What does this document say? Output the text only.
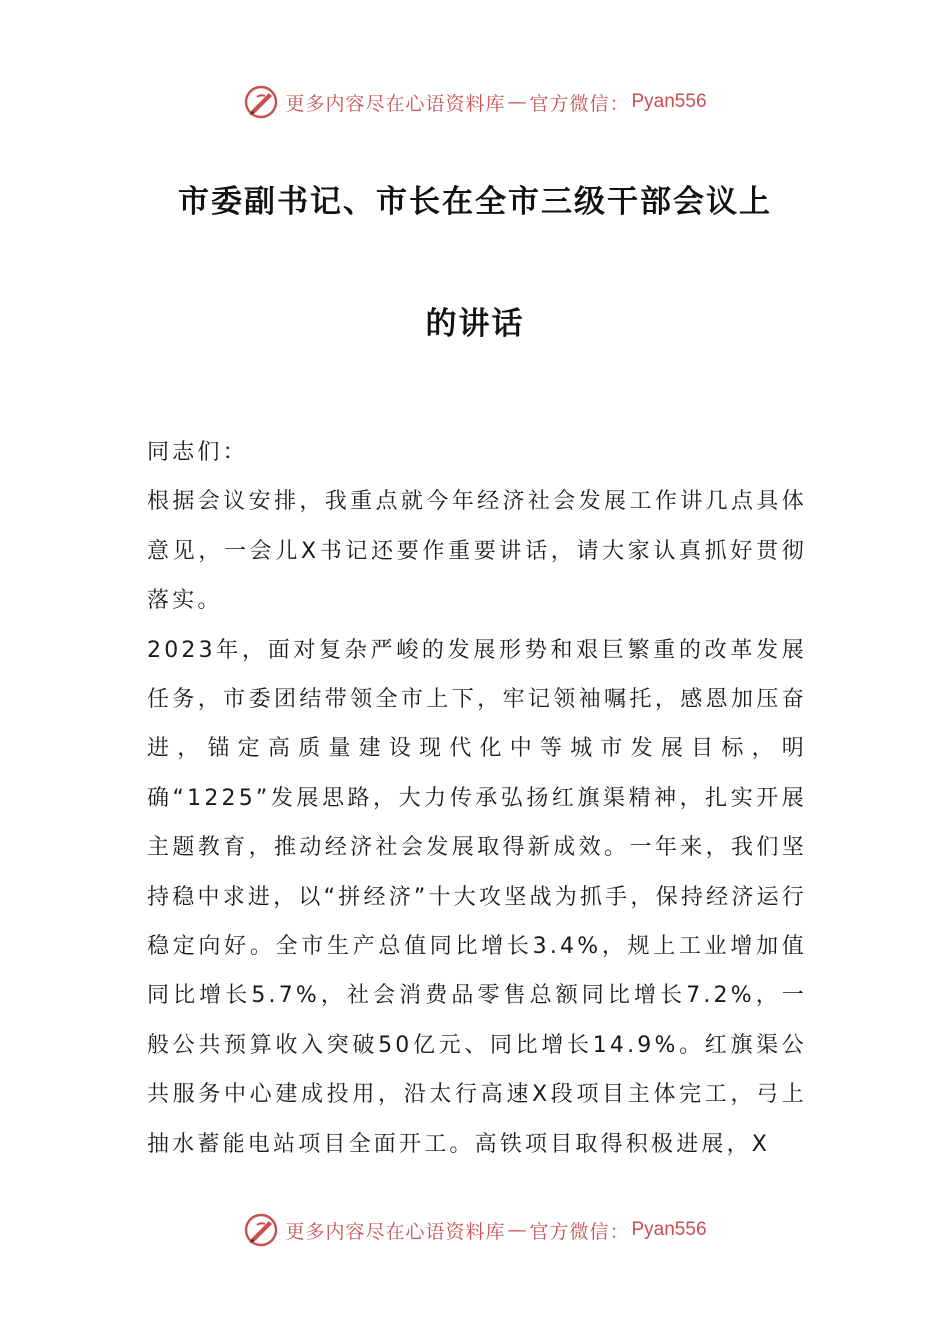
更多内容尽在心语资料库 — 官方微信： Pyan556
市委副书记、市长在全市三级干部会议上
的讲话

同志们：

根据会议安排，我重点就今年经济社会发展工作讲几点具体意见，一会儿X书记还要作重要讲话，请大家认真抓好贯彻落实。

2023年，面对复杂严峻的发展形势和艰巨繁重的改革发展任务，市委团结带领全市上下，牢记领袖嘱托，感恩加压奋进，锚定高质量建设现代化中等城市发展目标，明确“1225”发展思路，大力传承弘扬红旗渠精神，扎实开展主题教育，推动经济社会发展取得新成效。一年来，我们坚持稳中求进，以“拼经济”十大攻坚战为抓手，保持经济运行稳定向好。全市生产总值同比增长3.4%，规上工业增加值同比增长5.7%，社会消费品零售总额同比增长7.2%，一般公共预算收入突破50亿元、同比增长14.9%。红旗渠公共服务中心建成投用，沿太行高速X段项目主体完工，弓上抽水蓄能电站项目全面开工。高铁项目取得积极进展，X

更多内容尽在心语资料库 — 官方微信： Pyan556
